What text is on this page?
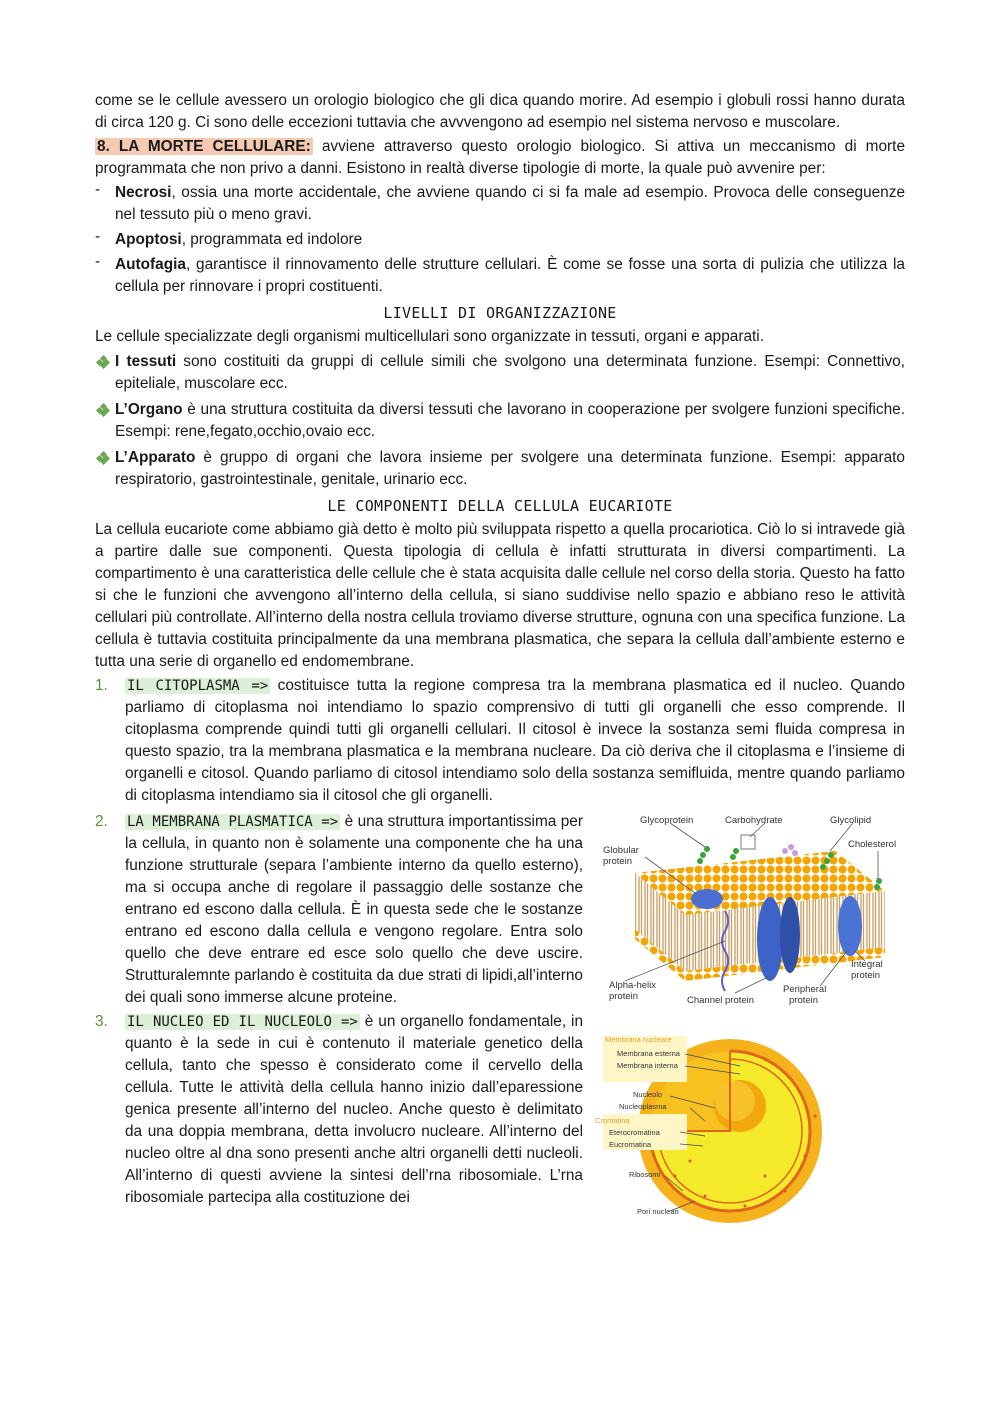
come se le cellule avessero un orologio biologico che gli dica quando morire. Ad esempio i globuli rossi hanno durata di circa 120 g. Ci sono delle eccezioni tuttavia che avvvengono ad esempio nel sistema nervoso e muscolare.

8. LA MORTE CELLULARE: avviene attraverso questo orologio biologico. Si attiva un meccanismo di morte programmata che non privo a danni. Esistono in realtà diverse tipologie di morte, la quale può avvenire per:

- Necrosi, ossia una morte accidentale, che avviene quando ci si fa male ad esempio. Provoca delle conseguenze nel tessuto più o meno gravi.
- Apoptosi, programmata ed indolore
- Autofagia, garantisce il rinnovamento delle strutture cellulari. È come se fosse una sorta di pulizia che utilizza la cellula per rinnovare i propri costituenti.
LIVELLI DI ORGANIZZAZIONE

Le cellule specializzate degli organismi multicellulari sono organizzate in tessuti, organi e apparati.

I tessuti sono costituiti da gruppi di cellule simili che svolgono una determinata funzione. Esempi: Connettivo, epiteliale, muscolare ecc.
L’Organo è una struttura costituita da diversi tessuti che lavorano in cooperazione per svolgere funzioni specifiche. Esempi: rene,fegato,occhio,ovaio ecc.
L’Apparato è gruppo di organi che lavora insieme per svolgere una determinata funzione. Esempi: apparato respiratorio, gastrointestinale, genitale, urinario ecc.
LE COMPONENTI DELLA CELLULA EUCARIOTE

La cellula eucariote come abbiamo già detto è molto più sviluppata rispetto a quella procariotica. Ciò lo si intravede già a partire dalle sue componenti. Questa tipologia di cellula è infatti strutturata in diversi compartimenti. La compartimento è una caratteristica delle cellule che è stata acquisita dalle cellule nel corso della storia. Questo ha fatto si che le funzioni che avvengono all’interno della cellula, si siano suddivise nello spazio e abbiano reso le attività cellulari più controllate. All’interno della nostra cellula troviamo diverse strutture, ognuna con una specifica funzione. La cellula è tuttavia costituita principalmente da una membrana plasmatica, che separa la cellula dall’ambiente esterno e tutta una serie di organello ed endomembrane.

1. IL CITOPLASMA => costituisce tutta la regione compresa tra la membrana plasmatica ed il nucleo. Quando parliamo di citoplasma noi intendiamo lo spazio comprensivo di tutti gli organelli che esso comprende. Il citoplasma comprende quindi tutti gli organelli cellulari. Il citosol è invece la sostanza semi fluida compresa in questo spazio, tra la membrana plasmatica e la membrana nucleare. Da ciò deriva che il citoplasma e l’insieme di organelli e citosol. Quando parliamo di citosol intendiamo solo della sostanza semifluida, mentre quando parliamo di citoplasma intendiamo sia il citosol che gli organelli.
2. LA MEMBRANA PLASMATICA => è una struttura importantissima per la cellula, in quanto non è solamente una componente che ha una funzione strutturale (separa l’ambiente interno da quello esterno), ma si occupa anche di regolare il passaggio delle sostanze che entrano ed escono dalla cellula. È in questa sede che le sostanze entrano ed escono dalla cellula e vengono regolare. Entra solo quello che deve entrare ed esce solo quello che deve uscire. Strutturalemnte parlando è costituita da due strati di lipidi,all’interno dei quali sono immerse alcune proteine.
3. IL NUCLEO ED IL NUCLEOLO => è un organello fondamentale, in quanto è la sede in cui è contenuto il materiale genetico della cellula, tanto che spesso è considerato come il cervello della cellula. Tutte le attività della cellula hanno inizio dall’eparessione genica presente all’interno del nucleo. Anche questo è delimitato da una doppia membrana, detta involucro nucleare. All’interno del nucleo oltre al dna sono presenti anche altri organelli detti nucleoli. All’interno di questi avviene la sintesi dell’rna ribosomiale. L’rna ribosomiale partecipa alla costituzione dei
Glycoprotein	Carbohydrate	Glycolipid
Globular
protein
Cholesterol
Integral
protein
Alpha-helix
protein	Channel protein
Peripheral
protein

Membrana nucleare
Membrana esterna
Membrana interna
Nucleolo
Nucleoplasma
Cromatina
Eterocromatina
Eucromatina
Ribosomi
Pori nucleari
